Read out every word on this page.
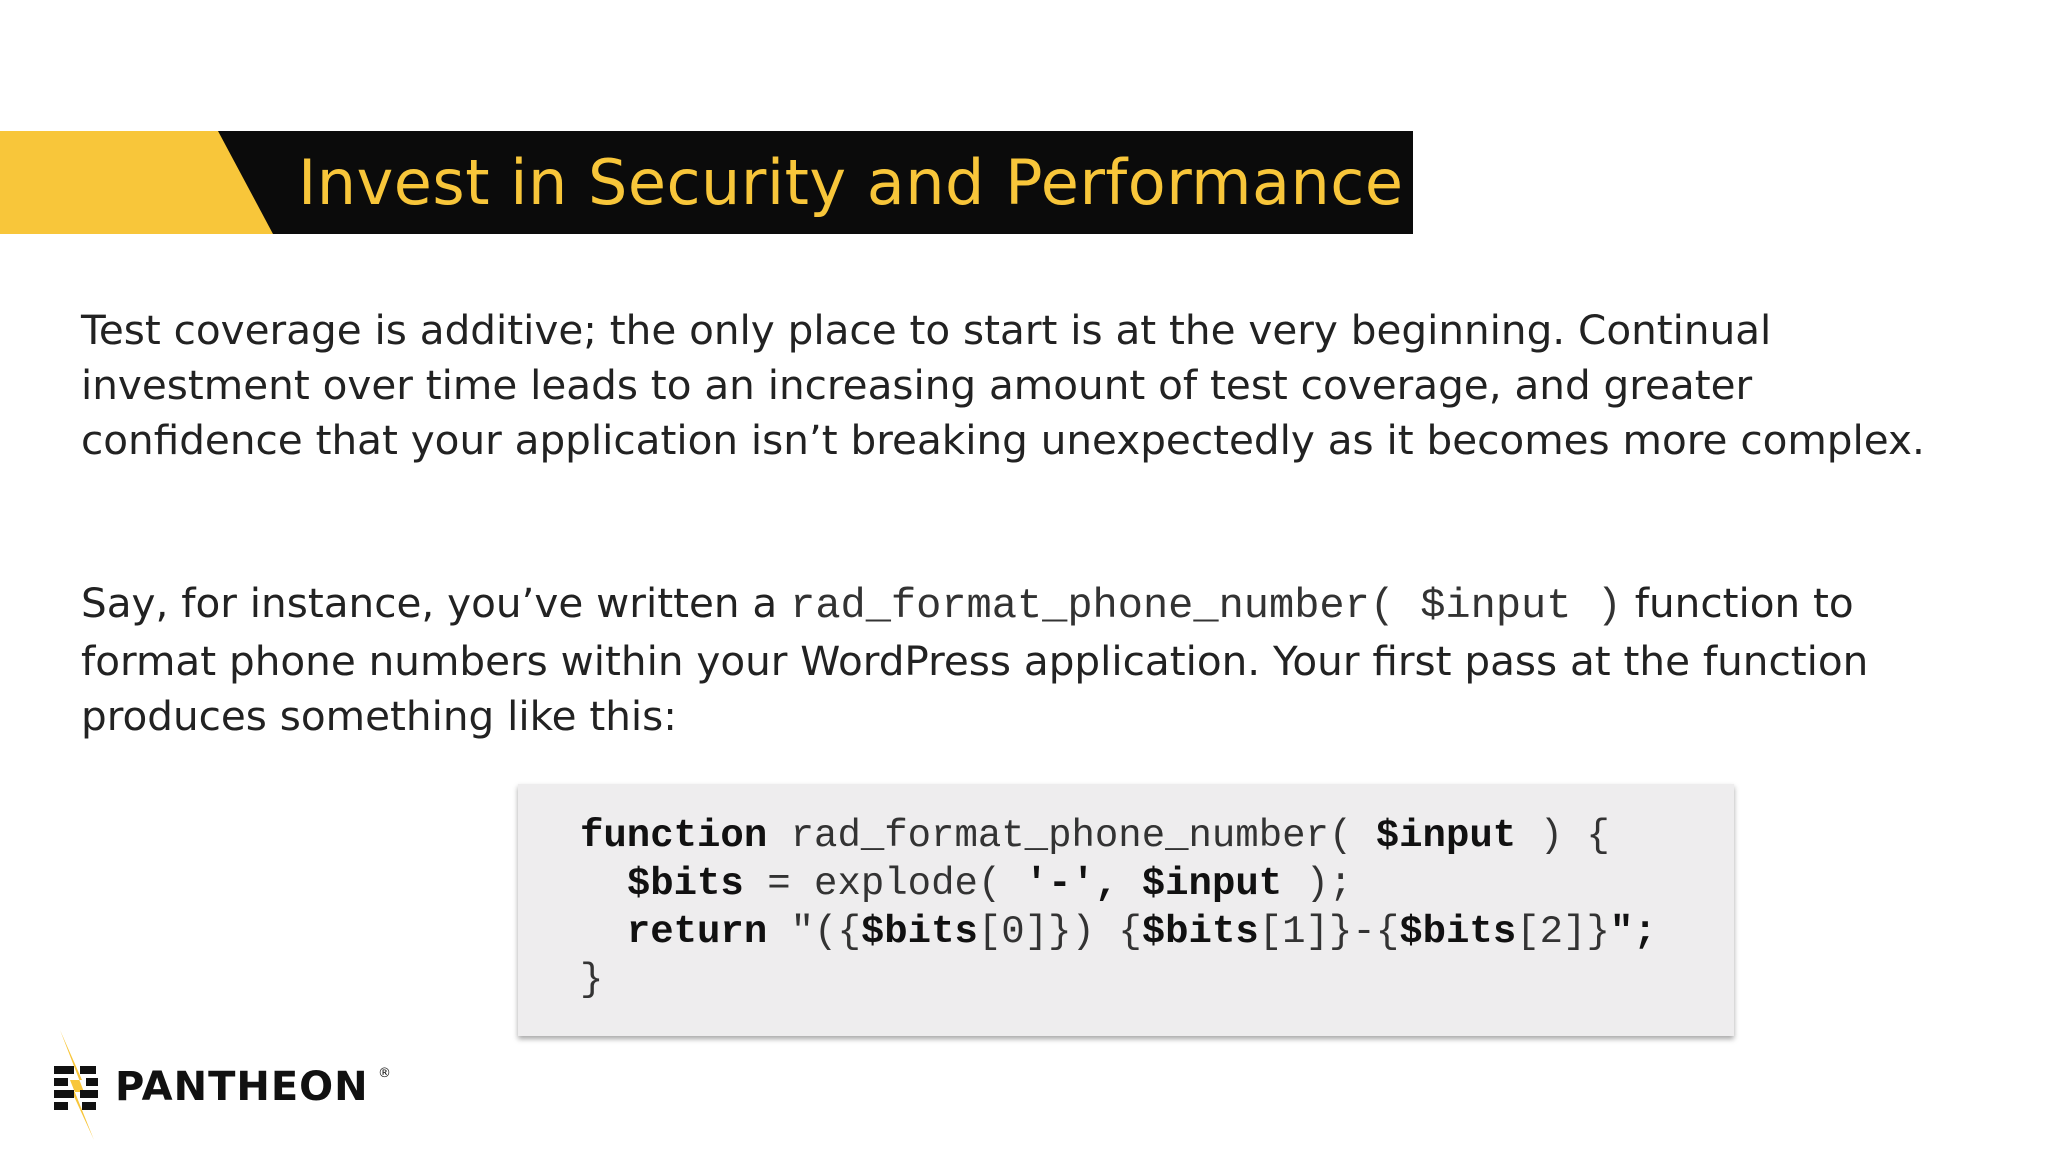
Invest in Security and Performance

Test coverage is additive; the only place to start is at the very beginning. Continual investment over time leads to an increasing amount of test coverage, and greater confidence that your application isn’t breaking unexpectedly as it becomes more complex.

Say, for instance, you’ve written a rad_format_phone_number( $input ) function to format phone numbers within your WordPress application. Your first pass at the function produces something like this:

function rad_format_phone_number( $input ) {
$bits = explode( '-', $input );
return "({$bits[0]}) {$bits[1]}-{$bits[2]}";
}
PANTHEON ®
